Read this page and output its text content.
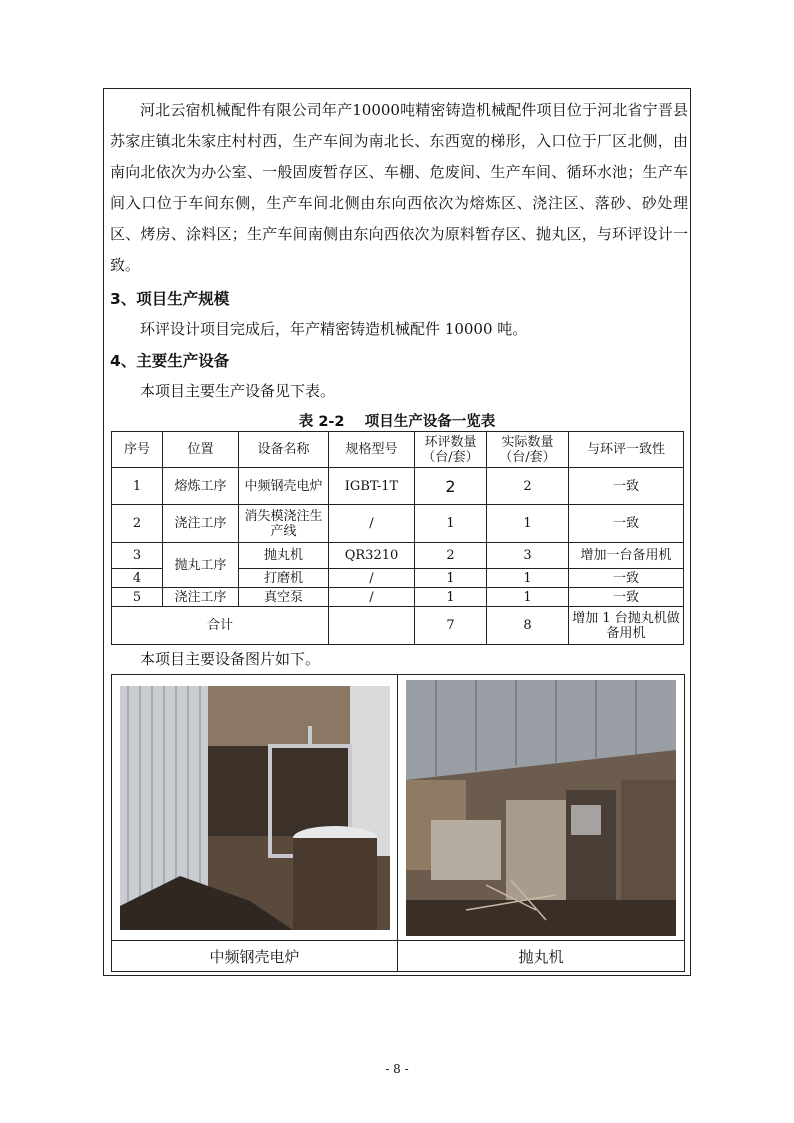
河北云宿机械配件有限公司年产10000吨精密铸造机械配件项目位于河北省宁晋县苏家庄镇北朱家庄村村西，生产车间为南北长、东西宽的梯形，入口位于厂区北侧，由南向北依次为办公室、一般固废暂存区、车棚、危废间、生产车间、循环水池；生产车间入口位于车间东侧，生产车间北侧由东向西依次为熔炼区、浇注区、落砂、砂处理区、烤房、涂料区；生产车间南侧由东向西依次为原料暂存区、抛丸区，与环评设计一致。

3、项目生产规模

环评设计项目完成后，年产精密铸造机械配件 10000 吨。

4、主要生产设备

本项目主要生产设备见下表。

表 2-2    项目生产设备一览表
序号	位置	设备名称	规格型号	环评数量（台/套）	实际数量（台/套）	与环评一致性
1	熔炼工序	中频钢壳电炉	IGBT-1T	2	2	一致
2	浇注工序	消失模浇注生产线	/	1	1	一致
3	抛丸工序	抛丸机	QR3210	2	3	增加一台备用机
4		打磨机	/	1	1	一致
5	浇注工序	真空泵	/	1	1	一致
合计				7	8	增加 1 台抛丸机做备用机

本项目主要设备图片如下。

中频钢壳电炉	抛丸机
- 8 -
